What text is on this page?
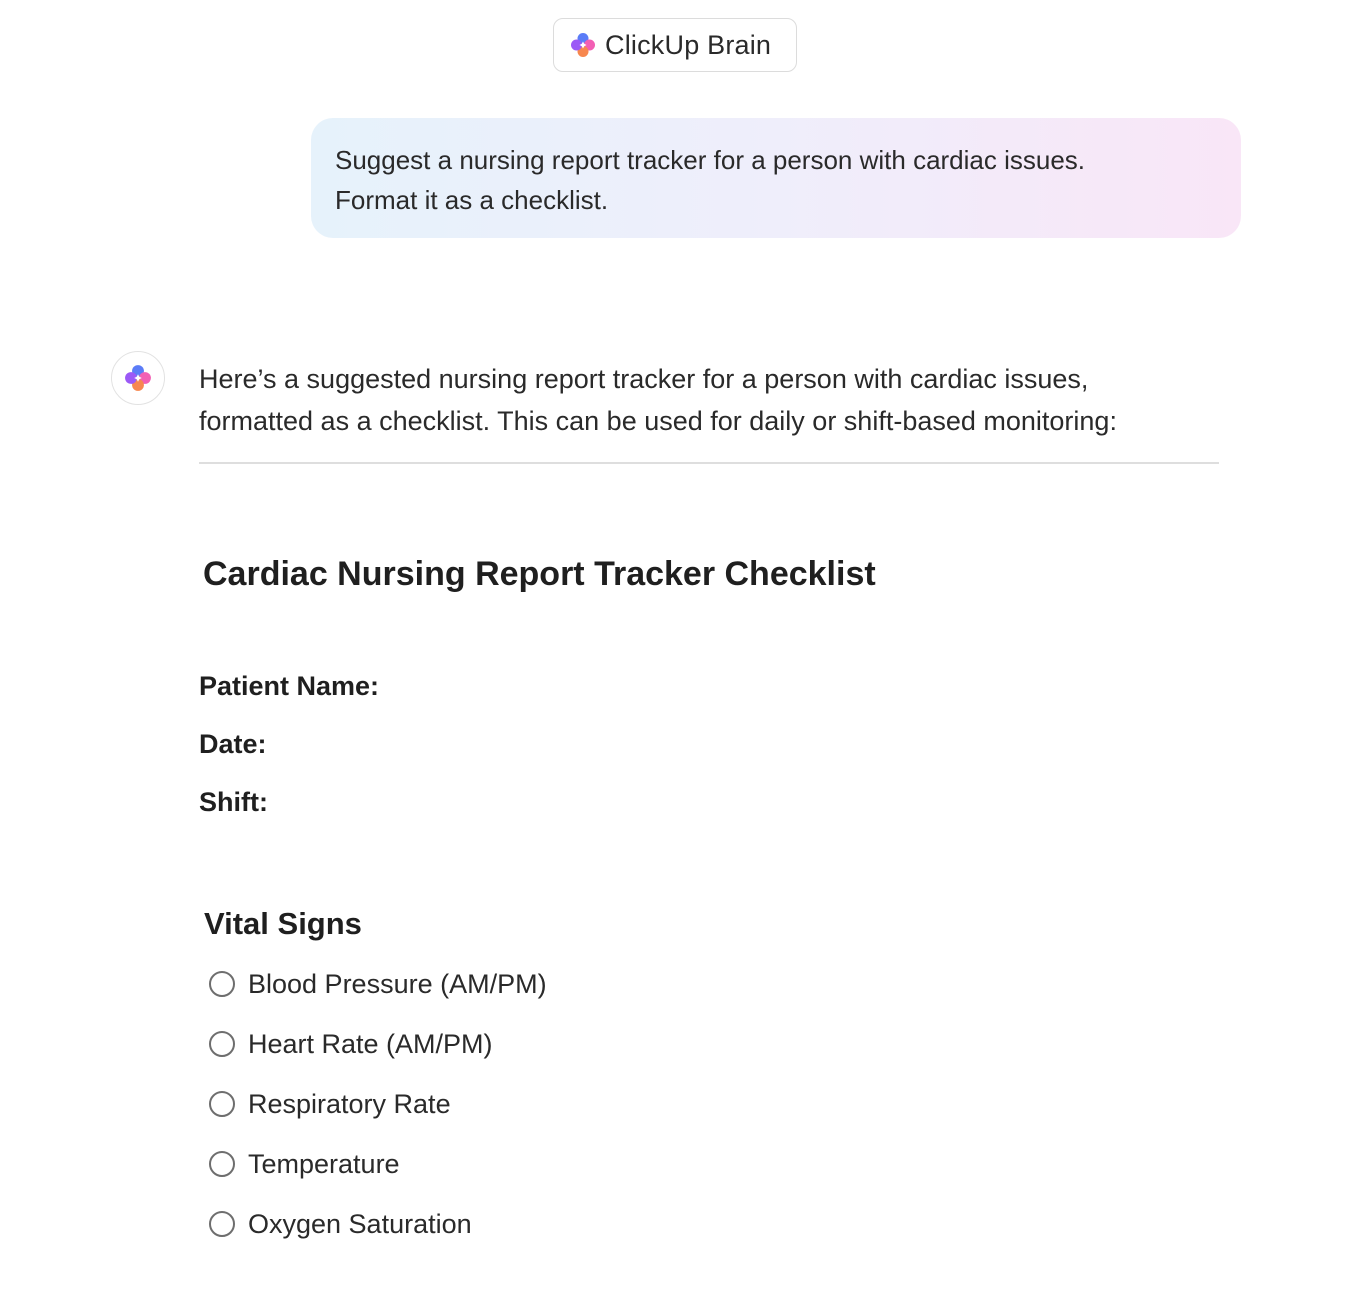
ClickUp Brain
Suggest a nursing report tracker for a person with cardiac issues.
Format it as a checklist.
Here’s a suggested nursing report tracker for a person with cardiac issues,
formatted as a checklist. This can be used for daily or shift-based monitoring:
Cardiac Nursing Report Tracker Checklist
Patient Name:
Date:
Shift:
Vital Signs
Blood Pressure (AM/PM)
Heart Rate (AM/PM)
Respiratory Rate
Temperature
Oxygen Saturation
